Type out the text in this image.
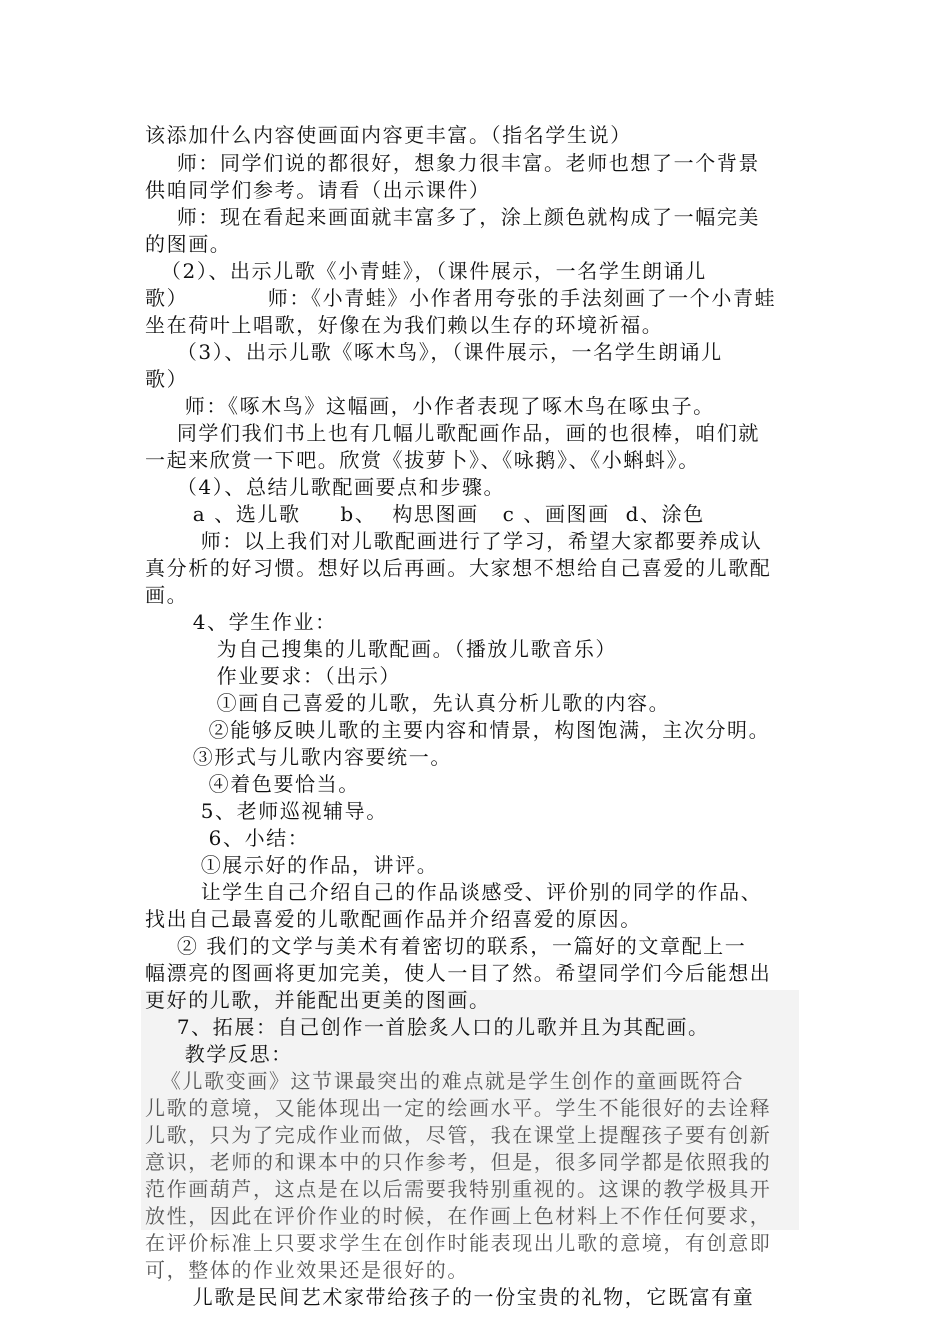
该添加什么内容使画面内容更丰富。（指名学生说）
师：同学们说的都很好，想象力很丰富。老师也想了一个背景
供咱同学们参考。请看（出示课件）
师：现在看起来画面就丰富多了，涂上颜色就构成了一幅完美
的图画。
（2）、出示儿歌《小青蛙》，（课件展示，一名学生朗诵儿
歌）          师：《小青蛙》小作者用夸张的手法刻画了一个小青蛙
坐在荷叶上唱歌，好像在为我们赖以生存的环境祈福。
（3）、出示儿歌《啄木鸟》，（课件展示，一名学生朗诵儿
歌）
师：《啄木鸟》这幅画，小作者表现了啄木鸟在啄虫子。
同学们我们书上也有几幅儿歌配画作品，画的也很棒，咱们就
一起来欣赏一下吧。欣赏《拔萝卜》、《咏鹅》、《小蝌蚪》。
（4）、总结儿歌配画要点和步骤。
a 、选儿歌     b、  构思图画   c 、画图画  d、涂色
师：以上我们对儿歌配画进行了学习，希望大家都要养成认
真分析的好习惯。想好以后再画。大家想不想给自己喜爱的儿歌配
画。
4、学生作业：
为自己搜集的儿歌配画。（播放儿歌音乐）
作业要求：（出示）
①画自己喜爱的儿歌，先认真分析儿歌的内容。
②能够反映儿歌的主要内容和情景，构图饱满，主次分明。
③形式与儿歌内容要统一。
④着色要恰当。
5、老师巡视辅导。
6、小结：
①展示好的作品，讲评。
让学生自己介绍自己的作品谈感受、评价别的同学的作品、
找出自己最喜爱的儿歌配画作品并介绍喜爱的原因。
② 我们的文学与美术有着密切的联系，一篇好的文章配上一
幅漂亮的图画将更加完美，使人一目了然。希望同学们今后能想出
更好的儿歌，并能配出更美的图画。
7、拓展：自己创作一首脍炙人口的儿歌并且为其配画。
教学反思：
《儿歌变画》这节课最突出的难点就是学生创作的童画既符合
儿歌的意境，又能体现出一定的绘画水平。学生不能很好的去诠释
儿歌，只为了完成作业而做，尽管，我在课堂上提醒孩子要有创新
意识，老师的和课本中的只作参考，但是，很多同学都是依照我的
范作画葫芦，这点是在以后需要我特别重视的。这课的教学极具开
放性，因此在评价作业的时候，在作画上色材料上不作任何要求，
在评价标准上只要求学生在创作时能表现出儿歌的意境，有创意即
可，整体的作业效果还是很好的。
儿歌是民间艺术家带给孩子的一份宝贵的礼物，它既富有童
